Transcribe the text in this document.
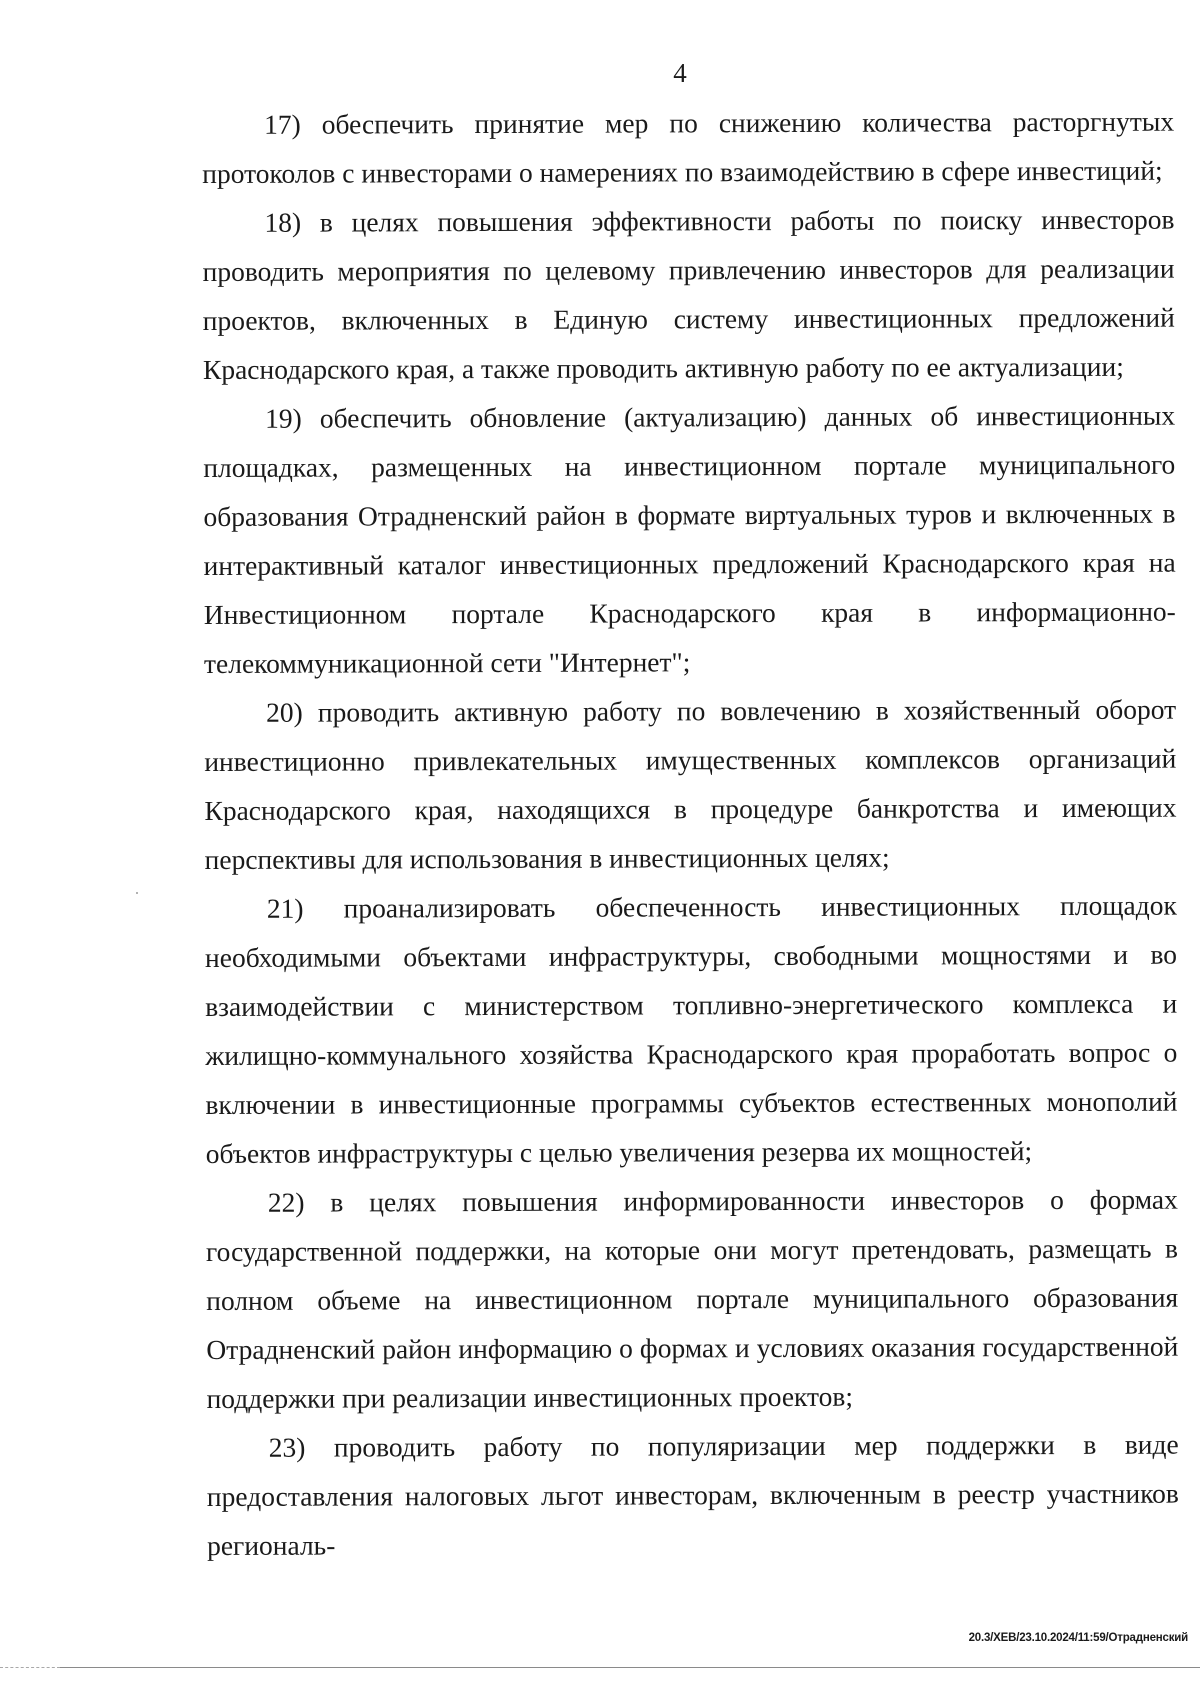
4

17) обеспечить принятие мер по снижению количества расторгнутых протоколов с инвесторами о намерениях по взаимодействию в сфере инвестиций;

18) в целях повышения эффективности работы по поиску инвесторов проводить мероприятия по целевому привлечению инвесторов для реализации проектов, включенных в Единую систему инвестиционных предложений Краснодарского края, а также проводить активную работу по ее актуализации;

19) обеспечить обновление (актуализацию) данных об инвестиционных площадках, размещенных на инвестиционном портале муниципального образования Отрадненский район в формате виртуальных туров и включенных в интерактивный каталог инвестиционных предложений Краснодарского края на Инвестиционном портале Краснодарского края в информационно-телекоммуникационной сети "Интернет";

20) проводить активную работу по вовлечению в хозяйственный оборот инвестиционно привлекательных имущественных комплексов организаций Краснодарского края, находящихся в процедуре банкротства и имеющих перспективы для использования в инвестиционных целях;

21) проанализировать обеспеченность инвестиционных площадок необходимыми объектами инфраструктуры, свободными мощностями и во взаимодействии с министерством топливно-энергетического комплекса и жилищно-коммунального хозяйства Краснодарского края проработать вопрос о включении в инвестиционные программы субъектов естественных монополий объектов инфраструктуры с целью увеличения резерва их мощностей;

22) в целях повышения информированности инвесторов о формах государственной поддержки, на которые они могут претендовать, размещать в полном объеме на инвестиционном портале муниципального образования Отрадненский район информацию о формах и условиях оказания государственной поддержки при реализации инвестиционных проектов;

23) проводить работу по популяризации мер поддержки в виде предоставления налоговых льгот инвесторам, включенным в реестр участников региональ-

20.3/ХЕВ/23.10.2024/11:59/Отрадненский
